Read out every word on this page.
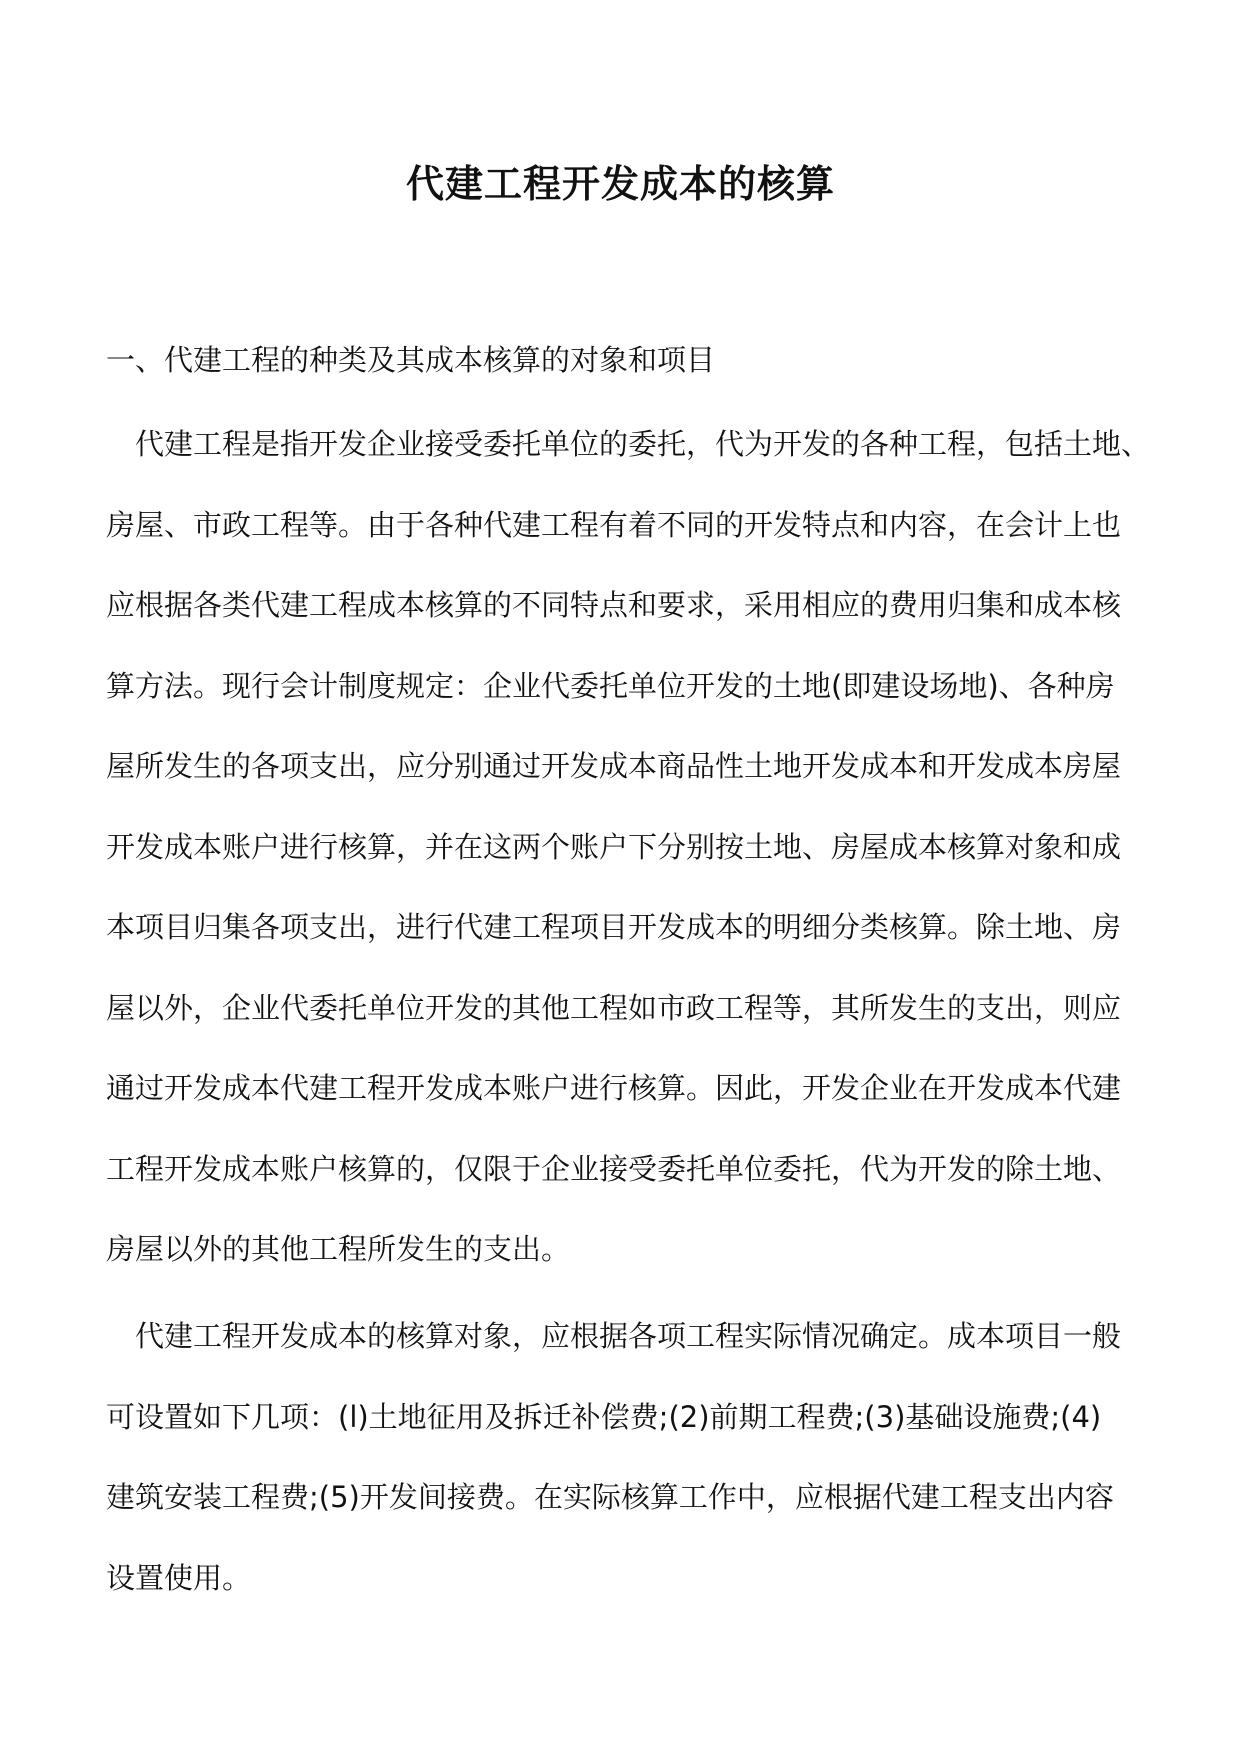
代建工程开发成本的核算
一、代建工程的种类及其成本核算的对象和项目
代建工程是指开发企业接受委托单位的委托，代为开发的各种工程，包括土地、
房屋、市政工程等。由于各种代建工程有着不同的开发特点和内容，在会计上也
应根据各类代建工程成本核算的不同特点和要求，采用相应的费用归集和成本核
算方法。现行会计制度规定：企业代委托单位开发的土地(即建设场地)、各种房
屋所发生的各项支出，应分别通过开发成本商品性土地开发成本和开发成本房屋
开发成本账户进行核算，并在这两个账户下分别按土地、房屋成本核算对象和成
本项目归集各项支出，进行代建工程项目开发成本的明细分类核算。除土地、房
屋以外，企业代委托单位开发的其他工程如市政工程等，其所发生的支出，则应
通过开发成本代建工程开发成本账户进行核算。因此，开发企业在开发成本代建
工程开发成本账户核算的，仅限于企业接受委托单位委托，代为开发的除土地、
房屋以外的其他工程所发生的支出。
代建工程开发成本的核算对象，应根据各项工程实际情况确定。成本项目一般
可设置如下几项：(l)土地征用及拆迁补偿费;(2)前期工程费;(3)基础设施费;(4)
建筑安装工程费;(5)开发间接费。在实际核算工作中，应根据代建工程支出内容
设置使用。
